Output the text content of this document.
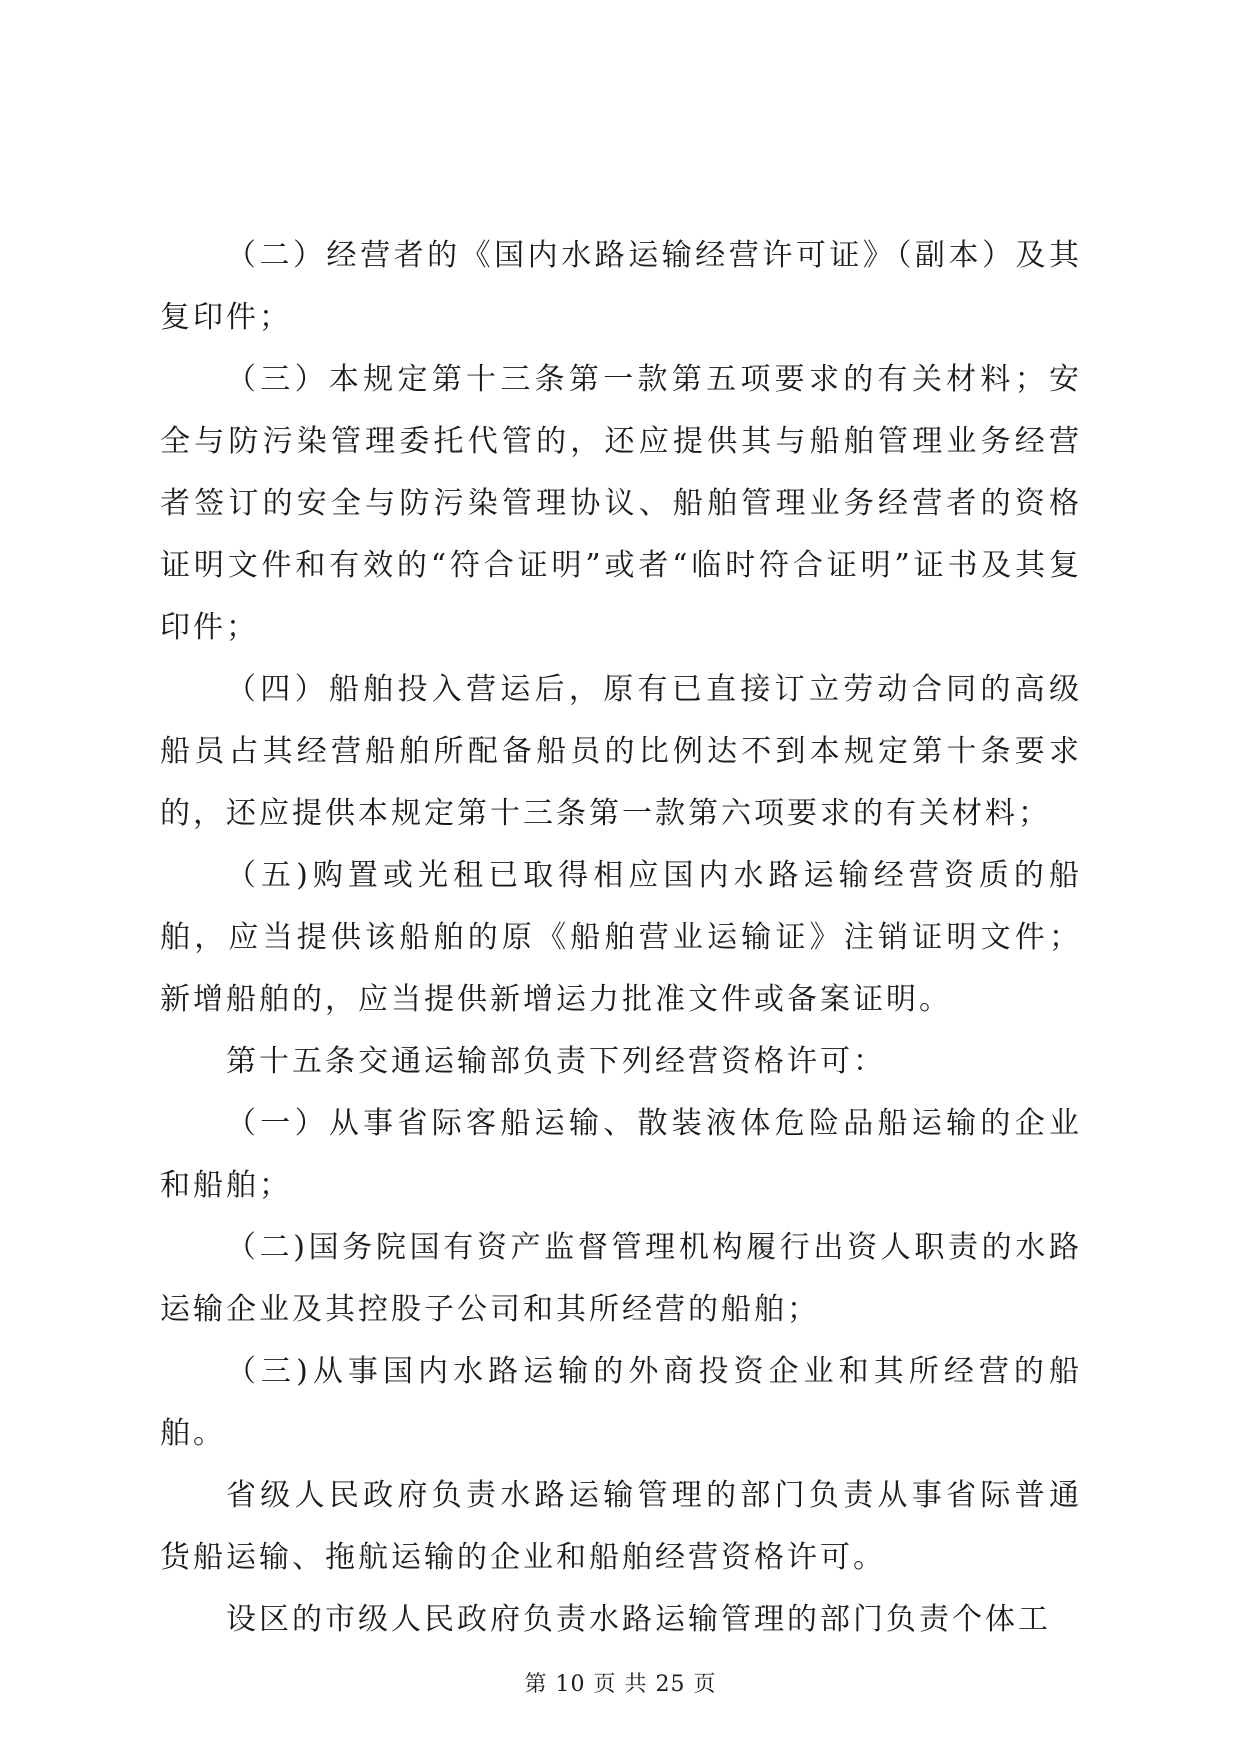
（二）经营者的《国内水路运输经营许可证》（副本）及其复印件；

（三）本规定第十三条第一款第五项要求的有关材料；安全与防污染管理委托代管的，还应提供其与船舶管理业务经营者签订的安全与防污染管理协议、船舶管理业务经营者的资格证明文件和有效的“符合证明”或者“临时符合证明”证书及其复印件；

（四）船舶投入营运后，原有已直接订立劳动合同的高级船员占其经营船舶所配备船员的比例达不到本规定第十条要求的，还应提供本规定第十三条第一款第六项要求的有关材料；

（五)购置或光租已取得相应国内水路运输经营资质的船舶，应当提供该船舶的原《船舶营业运输证》注销证明文件；新增船舶的，应当提供新增运力批准文件或备案证明。

第十五条交通运输部负责下列经营资格许可：

（一）从事省际客船运输、散装液体危险品船运输的企业和船舶；

（二)国务院国有资产监督管理机构履行出资人职责的水路运输企业及其控股子公司和其所经营的船舶；

（三)从事国内水路运输的外商投资企业和其所经营的船舶。

省级人民政府负责水路运输管理的部门负责从事省际普通货船运输、拖航运输的企业和船舶经营资格许可。

设区的市级人民政府负责水路运输管理的部门负责个体工

第 10 页 共 25 页
